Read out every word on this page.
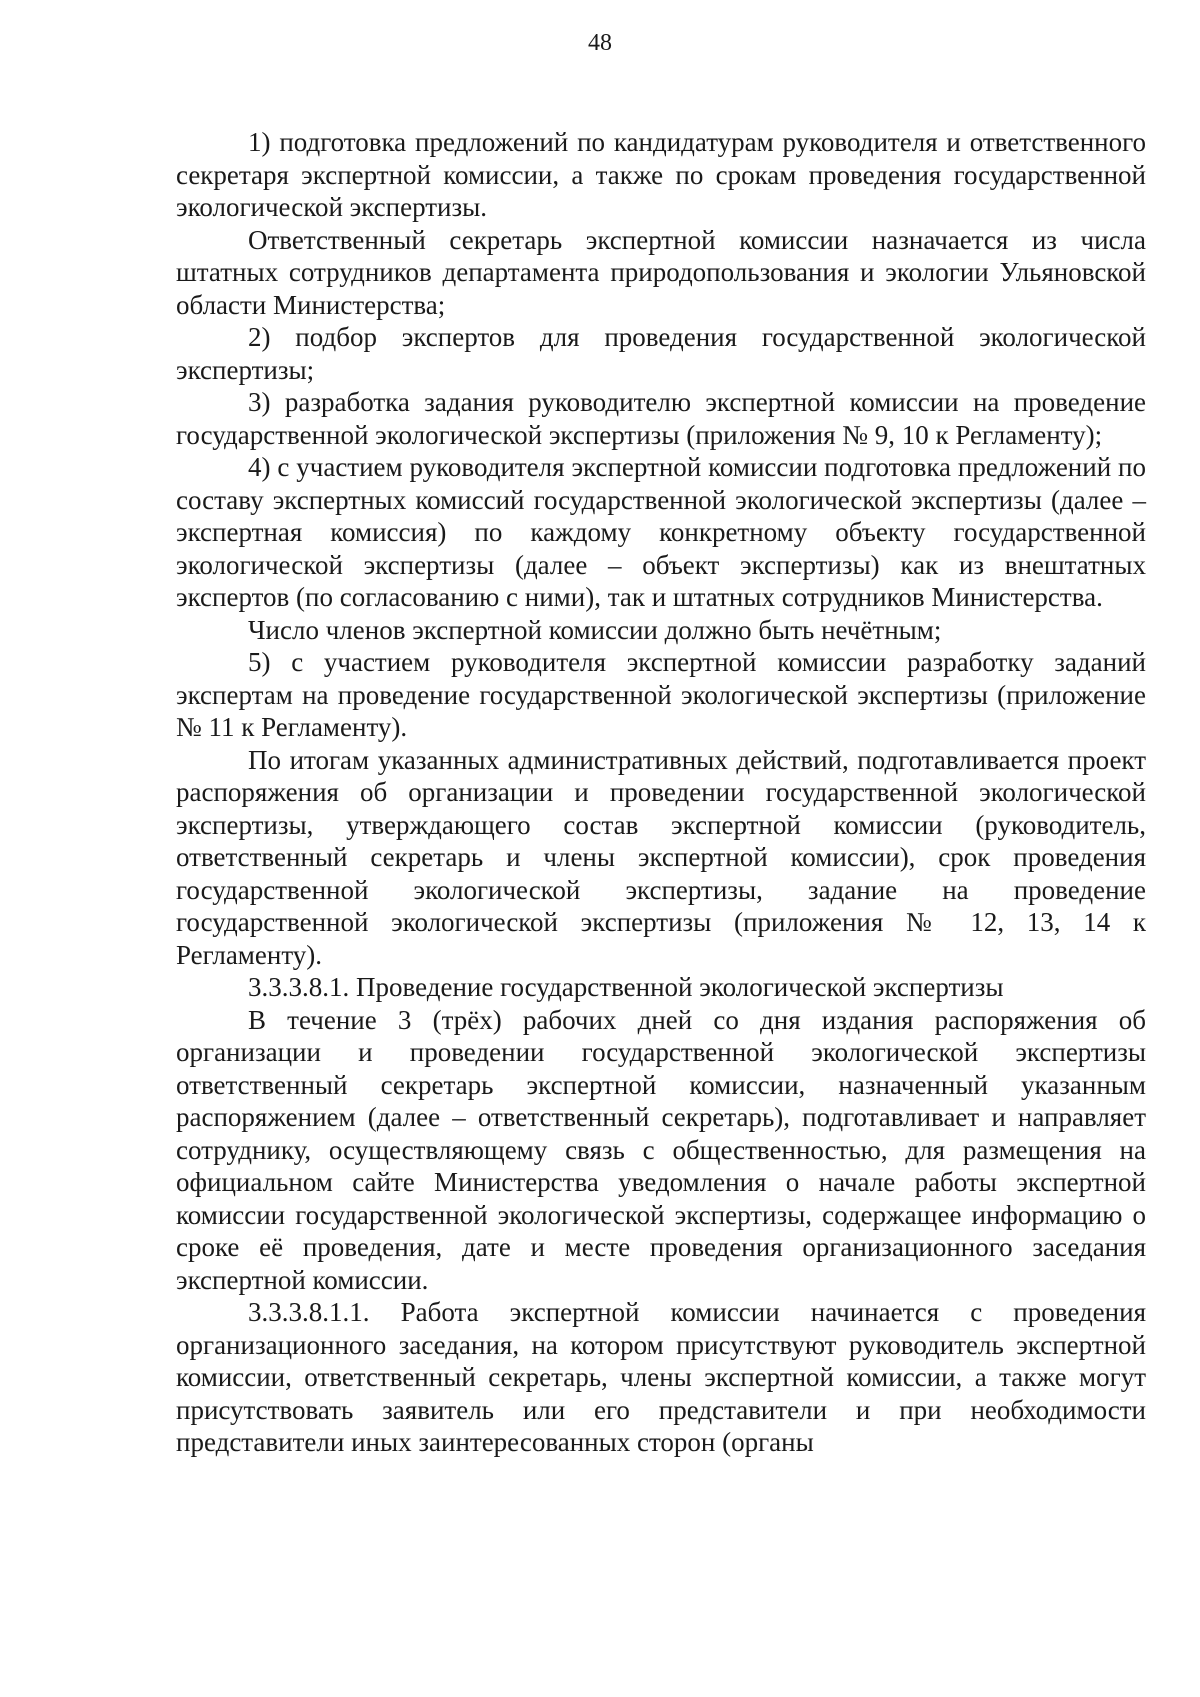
48

1) подготовка предложений по кандидатурам руководителя и ответственного секретаря экспертной комиссии, а также по срокам проведения государственной экологической экспертизы.

Ответственный секретарь экспертной комиссии назначается из числа штатных сотрудников департамента природопользования и экологии Ульяновской области Министерства;

2) подбор экспертов для проведения государственной экологической экспертизы;

3) разработка задания руководителю экспертной комиссии на проведение государственной экологической экспертизы (приложения № 9, 10 к Регламенту);

4) с участием руководителя экспертной комиссии подготовка предложений по составу экспертных комиссий государственной экологической экспертизы (далее – экспертная комиссия) по каждому конкретному объекту государственной экологической экспертизы (далее – объект экспертизы) как из внештатных экспертов (по согласованию с ними), так и штатных сотрудников Министерства.

Число членов экспертной комиссии должно быть нечётным;

5) с участием руководителя экспертной комиссии разработку заданий экспертам на проведение государственной экологической экспертизы (приложение № 11 к Регламенту).

По итогам указанных административных действий, подготавливается проект распоряжения об организации и проведении государственной экологической экспертизы, утверждающего состав экспертной комиссии (руководитель, ответственный секретарь и члены экспертной комиссии), срок проведения государственной экологической экспертизы, задание на проведение государственной экологической экспертизы (приложения № 12, 13, 14 к Регламенту).

3.3.3.8.1. Проведение государственной экологической экспертизы

В течение 3 (трёх) рабочих дней со дня издания распоряжения об организации и проведении государственной экологической экспертизы ответственный секретарь экспертной комиссии, назначенный указанным распоряжением (далее – ответственный секретарь), подготавливает и направляет сотруднику, осуществляющему связь с общественностью, для размещения на официальном сайте Министерства уведомления о начале работы экспертной комиссии государственной экологической экспертизы, содержащее информацию о сроке её проведения, дате и месте проведения организационного заседания экспертной комиссии.

3.3.3.8.1.1. Работа экспертной комиссии начинается с проведения организационного заседания, на котором присутствуют руководитель экспертной комиссии, ответственный секретарь, члены экспертной комиссии, а также могут присутствовать заявитель или его представители и при необходимости представители иных заинтересованных сторон (органы
